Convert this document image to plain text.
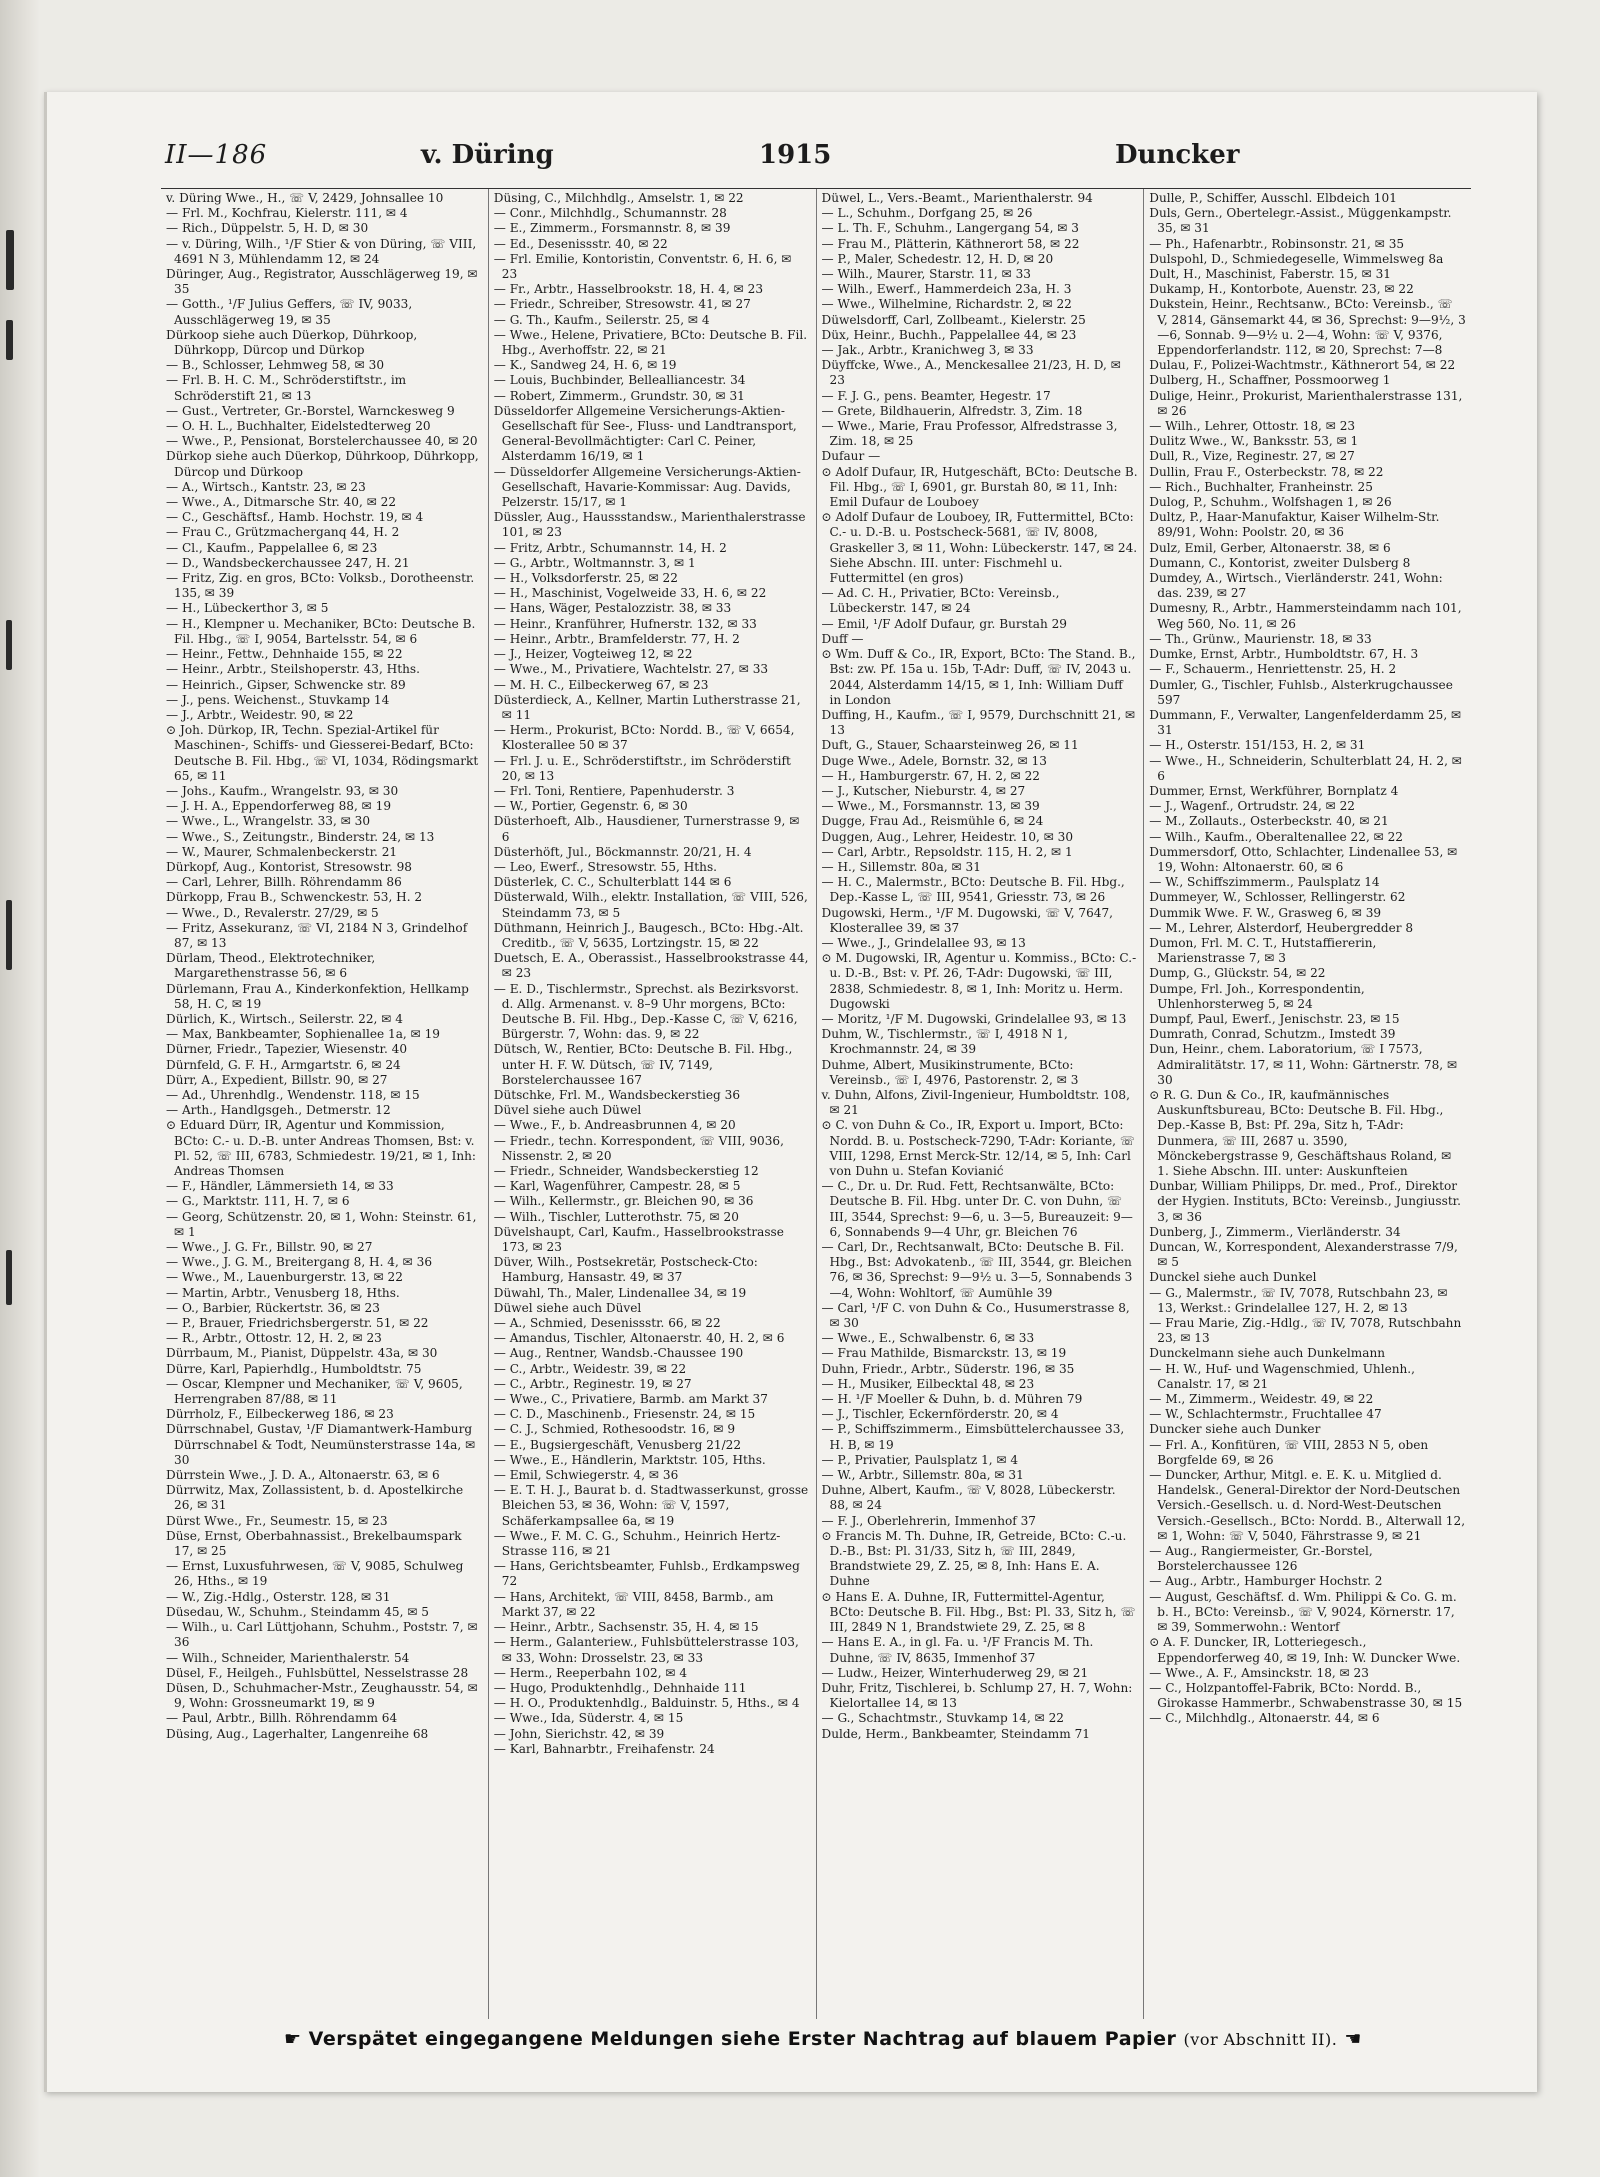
II—186	v. Düring	1915	Duncker
v. Düring Wwe., H., ☏ V, 2429, Johnsallee 10
— Frl. M., Kochfrau, Kielerstr. 111, ✉ 4
— Rich., Düppelstr. 5, H. D, ✉ 30
— v. Düring, Wilh., ¹/F Stier & von Düring, ☏ VIII, 4691 N 3, Mühlendamm 12, ✉ 24
Düringer, Aug., Registrator, Ausschlägerweg 19, ✉ 35
— Gotth., ¹/F Julius Geffers, ☏ IV, 9033, Ausschlägerweg 19, ✉ 35
Dürkoop siehe auch Düerkop, Dührkoop, Dührkopp, Dürcop und Dürkop
— B., Schlosser, Lehmweg 58, ✉ 30
— Frl. B. H. C. M., Schröderstiftstr., im Schröderstift 21, ✉ 13
— Gust., Vertreter, Gr.-Borstel, Warnckesweg 9
— O. H. L., Buchhalter, Eidelstedterweg 20
— Wwe., P., Pensionat, Borstelerchaussee 40, ✉ 20
Dürkop siehe auch Düerkop, Dührkoop, Dührkopp, Dürcop und Dürkoop
— A., Wirtsch., Kantstr. 23, ✉ 23
— Wwe., A., Ditmarsche Str. 40, ✉ 22
— C., Geschäftsf., Hamb. Hochstr. 19, ✉ 4
— Frau C., Grützmacherganq 44, H. 2
— Cl., Kaufm., Pappelallee 6, ✉ 23
— D., Wandsbeckerchaussee 247, H. 21
— Fritz, Zig. en gros, BCto: Volksb., Dorotheenstr. 135, ✉ 39
— H., Lübeckerthor 3, ✉ 5
— H., Klempner u. Mechaniker, BCto: Deutsche B. Fil. Hbg., ☏ I, 9054, Bartelsstr. 54, ✉ 6
— Heinr., Fettw., Dehnhaide 155, ✉ 22
— Heinr., Arbtr., Steilshoperstr. 43, Hths.
— Heinrich., Gipser, Schwencke str. 89
— J., pens. Weichenst., Stuvkamp 14
— J., Arbtr., Weidestr. 90, ✉ 22
⊙ Joh. Dürkop, IR, Techn. Spezial-Artikel für Maschinen-, Schiffs- und Giesserei-Bedarf, BCto: Deutsche B. Fil. Hbg., ☏ VI, 1034, Rödingsmarkt 65, ✉ 11
— Johs., Kaufm., Wrangelstr. 93, ✉ 30
— J. H. A., Eppendorferweg 88, ✉ 19
— Wwe., L., Wrangelstr. 33, ✉ 30
— Wwe., S., Zeitungstr., Binderstr. 24, ✉ 13
— W., Maurer, Schmalenbeckerstr. 21
Dürkopf, Aug., Kontorist, Stresowstr. 98
— Carl, Lehrer, Billh. Röhrendamm 86
Dürkopp, Frau B., Schwenckestr. 53, H. 2
— Wwe., D., Revalerstr. 27/29, ✉ 5
— Fritz, Assekuranz, ☏ VI, 2184 N 3, Grindelhof 87, ✉ 13
Dürlam, Theod., Elektrotechniker, Margarethenstrasse 56, ✉ 6
Dürlemann, Frau A., Kinderkonfektion, Hellkamp 58, H. C, ✉ 19
Dürlich, K., Wirtsch., Seilerstr. 22, ✉ 4
— Max, Bankbeamter, Sophienallee 1a, ✉ 19
Dürner, Friedr., Tapezier, Wiesenstr. 40
Dürnfeld, G. F. H., Armgartstr. 6, ✉ 24
Dürr, A., Expedient, Billstr. 90, ✉ 27
— Ad., Uhrenhdlg., Wendenstr. 118, ✉ 15
— Arth., Handlgsgeh., Detmerstr. 12
⊙ Eduard Dürr, IR, Agentur und Kommission, BCto: C.- u. D.-B. unter Andreas Thomsen, Bst: v. Pl. 52, ☏ III, 6783, Schmiedestr. 19/21, ✉ 1, Inh: Andreas Thomsen
— F., Händler, Lämmersieth 14, ✉ 33
— G., Marktstr. 111, H. 7, ✉ 6
— Georg, Schützenstr. 20, ✉ 1, Wohn: Steinstr. 61, ✉ 1
— Wwe., J. G. Fr., Billstr. 90, ✉ 27
— Wwe., J. G. M., Breitergang 8, H. 4, ✉ 36
— Wwe., M., Lauenburgerstr. 13, ✉ 22
— Martin, Arbtr., Venusberg 18, Hths.
— O., Barbier, Rückertstr. 36, ✉ 23
— P., Brauer, Friedrichsbergerstr. 51, ✉ 22
— R., Arbtr., Ottostr. 12, H. 2, ✉ 23
Dürrbaum, M., Pianist, Düppelstr. 43a, ✉ 30
Dürre, Karl, Papierhdlg., Humboldtstr. 75
— Oscar, Klempner und Mechaniker, ☏ V, 9605, Herrengraben 87/88, ✉ 11
Dürrholz, F., Eilbeckerweg 186, ✉ 23
Dürrschnabel, Gustav, ¹/F Diamantwerk-Hamburg Dürrschnabel & Todt, Neumünsterstrasse 14a, ✉ 30
Dürrstein Wwe., J. D. A., Altonaerstr. 63, ✉ 6
Dürrwitz, Max, Zollassistent, b. d. Apostelkirche 26, ✉ 31
Dürst Wwe., Fr., Seumestr. 15, ✉ 23
Düse, Ernst, Oberbahnassist., Brekelbaumspark 17, ✉ 25
— Ernst, Luxusfuhrwesen, ☏ V, 9085, Schulweg 26, Hths., ✉ 19
— W., Zig.-Hdlg., Osterstr. 128, ✉ 31
Düsedau, W., Schuhm., Steindamm 45, ✉ 5
— Wilh., u. Carl Lüttjohann, Schuhm., Poststr. 7, ✉ 36
— Wilh., Schneider, Marienthalerstr. 54
Düsel, F., Heilgeh., Fuhlsbüttel, Nesselstrasse 28
Düsen, D., Schuhmacher-Mstr., Zeughausstr. 54, ✉ 9, Wohn: Grossneumarkt 19, ✉ 9
— Paul, Arbtr., Billh. Röhrendamm 64
Düsing, Aug., Lagerhalter, Langenreihe 68
Düsing, C., Milchhdlg., Amselstr. 1, ✉ 22
— Conr., Milchhdlg., Schumannstr. 28
— E., Zimmerm., Forsmannstr. 8, ✉ 39
— Ed., Desenissstr. 40, ✉ 22
— Frl. Emilie, Kontoristin, Conventstr. 6, H. 6, ✉ 23
— Fr., Arbtr., Hasselbrookstr. 18, H. 4, ✉ 23
— Friedr., Schreiber, Stresowstr. 41, ✉ 27
— G. Th., Kaufm., Seilerstr. 25, ✉ 4
— Wwe., Helene, Privatiere, BCto: Deutsche B. Fil. Hbg., Averhoffstr. 22, ✉ 21
— K., Sandweg 24, H. 6, ✉ 19
— Louis, Buchbinder, Bellealliancestr. 34
— Robert, Zimmerm., Grundstr. 30, ✉ 31
Düsseldorfer Allgemeine Versicherungs-Aktien-Gesellschaft für See-, Fluss- und Landtransport, General-Bevollmächtigter: Carl C. Peiner, Alsterdamm 16/19, ✉ 1
— Düsseldorfer Allgemeine Versicherungs-Aktien-Gesellschaft, Havarie-Kommissar: Aug. Davids, Pelzerstr. 15/17, ✉ 1
Düssler, Aug., Haussstandsw., Marienthalerstrasse 101, ✉ 23
— Fritz, Arbtr., Schumannstr. 14, H. 2
— G., Arbtr., Woltmannstr. 3, ✉ 1
— H., Volksdorferstr. 25, ✉ 22
— H., Maschinist, Vogelweide 33, H. 6, ✉ 22
— Hans, Wäger, Pestalozzistr. 38, ✉ 33
— Heinr., Kranführer, Hufnerstr. 132, ✉ 33
— Heinr., Arbtr., Bramfelderstr. 77, H. 2
— J., Heizer, Vogteiweg 12, ✉ 22
— Wwe., M., Privatiere, Wachtelstr. 27, ✉ 33
— M. H. C., Eilbeckerweg 67, ✉ 23
Düsterdieck, A., Kellner, Martin Lutherstrasse 21, ✉ 11
— Herm., Prokurist, BCto: Nordd. B., ☏ V, 6654, Klosterallee 50 ✉ 37
— Frl. J. u. E., Schröderstiftstr., im Schröderstift 20, ✉ 13
— Frl. Toni, Rentiere, Papenhuderstr. 3
— W., Portier, Gegenstr. 6, ✉ 30
Düsterhoeft, Alb., Hausdiener, Turnerstrasse 9, ✉ 6
Düsterhöft, Jul., Böckmannstr. 20/21, H. 4
— Leo, Ewerf., Stresowstr. 55, Hths.
Düsterlek, C. C., Schulterblatt 144 ✉ 6
Düsterwald, Wilh., elektr. Installation, ☏ VIII, 526, Steindamm 73, ✉ 5
Düthmann, Heinrich J., Baugesch., BCto: Hbg.-Alt. Creditb., ☏ V, 5635, Lortzingstr. 15, ✉ 22
Duetsch, E. A., Oberassist., Hasselbrookstrasse 44, ✉ 23
— E. D., Tischlermstr., Sprechst. als Bezirksvorst. d. Allg. Armenanst. v. 8–9 Uhr morgens, BCto: Deutsche B. Fil. Hbg., Dep.-Kasse C, ☏ V, 6216, Bürgerstr. 7, Wohn: das. 9, ✉ 22
Dütsch, W., Rentier, BCto: Deutsche B. Fil. Hbg., unter H. F. W. Dütsch, ☏ IV, 7149, Borstelerchaussee 167
Dütschke, Frl. M., Wandsbeckerstieg 36
Düvel siehe auch Düwel
— Wwe., F., b. Andreasbrunnen 4, ✉ 20
— Friedr., techn. Korrespondent, ☏ VIII, 9036, Nissenstr. 2, ✉ 20
— Friedr., Schneider, Wandsbeckerstieg 12
— Karl, Wagenführer, Campestr. 28, ✉ 5
— Wilh., Kellermstr., gr. Bleichen 90, ✉ 36
— Wilh., Tischler, Lutterothstr. 75, ✉ 20
Düvelshaupt, Carl, Kaufm., Hasselbrookstrasse 173, ✉ 23
Düver, Wilh., Postsekretär, Postscheck-Cto: Hamburg, Hansastr. 49, ✉ 37
Düwahl, Th., Maler, Lindenallee 34, ✉ 19
Düwel siehe auch Düvel
— A., Schmied, Desenissstr. 66, ✉ 22
— Amandus, Tischler, Altonaerstr. 40, H. 2, ✉ 6
— Aug., Rentner, Wandsb.-Chaussee 190
— C., Arbtr., Weidestr. 39, ✉ 22
— C., Arbtr., Reginestr. 19, ✉ 27
— Wwe., C., Privatiere, Barmb. am Markt 37
— C. D., Maschinenb., Friesenstr. 24, ✉ 15
— C. J., Schmied, Rothesoodstr. 16, ✉ 9
— E., Bugsiergeschäft, Venusberg 21/22
— Wwe., E., Händlerin, Marktstr. 105, Hths.
— Emil, Schwiegerstr. 4, ✉ 36
— E. T. H. J., Baurat b. d. Stadtwasserkunst, grosse Bleichen 53, ✉ 36, Wohn: ☏ V, 1597, Schäferkampsallee 6a, ✉ 19
— Wwe., F. M. C. G., Schuhm., Heinrich Hertz-Strasse 116, ✉ 21
— Hans, Gerichtsbeamter, Fuhlsb., Erdkampsweg 72
— Hans, Architekt, ☏ VIII, 8458, Barmb., am Markt 37, ✉ 22
— Heinr., Arbtr., Sachsenstr. 35, H. 4, ✉ 15
— Herm., Galanteriew., Fuhlsbüttelerstrasse 103, ✉ 33, Wohn: Drosselstr. 23, ✉ 33
— Herm., Reeperbahn 102, ✉ 4
— Hugo, Produktenhdlg., Dehnhaide 111
— H. O., Produktenhdlg., Balduinstr. 5, Hths., ✉ 4
— Wwe., Ida, Süderstr. 4, ✉ 15
— John, Sierichstr. 42, ✉ 39
— Karl, Bahnarbtr., Freihafenstr. 24
Düwel, L., Vers.-Beamt., Marienthalerstr. 94
— L., Schuhm., Dorfgang 25, ✉ 26
— L. Th. F., Schuhm., Langergang 54, ✉ 3
— Frau M., Plätterin, Käthnerort 58, ✉ 22
— P., Maler, Schedestr. 12, H. D, ✉ 20
— Wilh., Maurer, Starstr. 11, ✉ 33
— Wilh., Ewerf., Hammerdeich 23a, H. 3
— Wwe., Wilhelmine, Richardstr. 2, ✉ 22
Düwelsdorff, Carl, Zollbeamt., Kielerstr. 25
Düx, Heinr., Buchh., Pappelallee 44, ✉ 23
— Jak., Arbtr., Kranichweg 3, ✉ 33
Düyffcke, Wwe., A., Menckesallee 21/23, H. D, ✉ 23
— F. J. G., pens. Beamter, Hegestr. 17
— Grete, Bildhauerin, Alfredstr. 3, Zim. 18
— Wwe., Marie, Frau Professor, Alfredstrasse 3, Zim. 18, ✉ 25
Dufaur —
⊙ Adolf Dufaur, IR, Hutgeschäft, BCto: Deutsche B. Fil. Hbg., ☏ I, 6901, gr. Burstah 80, ✉ 11, Inh: Emil Dufaur de Louboey
⊙ Adolf Dufaur de Louboey, IR, Futtermittel, BCto: C.- u. D.-B. u. Postscheck-5681, ☏ IV, 8008, Graskeller 3, ✉ 11, Wohn: Lübeckerstr. 147, ✉ 24. Siehe Abschn. III. unter: Fischmehl u. Futtermittel (en gros)
— Ad. C. H., Privatier, BCto: Vereinsb., Lübeckerstr. 147, ✉ 24
— Emil, ¹/F Adolf Dufaur, gr. Burstah 29
Duff —
⊙ Wm. Duff & Co., IR, Export, BCto: The Stand. B., Bst: zw. Pf. 15a u. 15b, T-Adr: Duff, ☏ IV, 2043 u. 2044, Alsterdamm 14/15, ✉ 1, Inh: William Duff in London
Duffing, H., Kaufm., ☏ I, 9579, Durchschnitt 21, ✉ 13
Duft, G., Stauer, Schaarsteinweg 26, ✉ 11
Duge Wwe., Adele, Bornstr. 32, ✉ 13
— H., Hamburgerstr. 67, H. 2, ✉ 22
— J., Kutscher, Nieburstr. 4, ✉ 27
— Wwe., M., Forsmannstr. 13, ✉ 39
Dugge, Frau Ad., Reismühle 6, ✉ 24
Duggen, Aug., Lehrer, Heidestr. 10, ✉ 30
— Carl, Arbtr., Repsoldstr. 115, H. 2, ✉ 1
— H., Sillemstr. 80a, ✉ 31
— H. C., Malermstr., BCto: Deutsche B. Fil. Hbg., Dep.-Kasse L, ☏ III, 9541, Griesstr. 73, ✉ 26
Dugowski, Herm., ¹/F M. Dugowski, ☏ V, 7647, Klosterallee 39, ✉ 37
— Wwe., J., Grindelallee 93, ✉ 13
⊙ M. Dugowski, IR, Agentur u. Kommiss., BCto: C.- u. D.-B., Bst: v. Pf. 26, T-Adr: Dugowski, ☏ III, 2838, Schmiedestr. 8, ✉ 1, Inh: Moritz u. Herm. Dugowski
— Moritz, ¹/F M. Dugowski, Grindelallee 93, ✉ 13
Duhm, W., Tischlermstr., ☏ I, 4918 N 1, Krochmannstr. 24, ✉ 39
Duhme, Albert, Musikinstrumente, BCto: Vereinsb., ☏ I, 4976, Pastorenstr. 2, ✉ 3
v. Duhn, Alfons, Zivil-Ingenieur, Humboldtstr. 108, ✉ 21
⊙ C. von Duhn & Co., IR, Export u. Import, BCto: Nordd. B. u. Postscheck-7290, T-Adr: Koriante, ☏ VIII, 1298, Ernst Merck-Str. 12/14, ✉ 5, Inh: Carl von Duhn u. Stefan Kovianić
— C., Dr. u. Dr. Rud. Fett, Rechtsanwälte, BCto: Deutsche B. Fil. Hbg. unter Dr. C. von Duhn, ☏ III, 3544, Sprechst: 9—6, u. 3—5, Bureauzeit: 9—6, Sonnabends 9—4 Uhr, gr. Bleichen 76
— Carl, Dr., Rechtsanwalt, BCto: Deutsche B. Fil. Hbg., Bst: Advokatenb., ☏ III, 3544, gr. Bleichen 76, ✉ 36, Sprechst: 9—9½ u. 3—5, Sonnabends 3—4, Wohn: Wohltorf, ☏ Aumühle 39
— Carl, ¹/F C. von Duhn & Co., Husumerstrasse 8, ✉ 30
— Wwe., E., Schwalbenstr. 6, ✉ 33
— Frau Mathilde, Bismarckstr. 13, ✉ 19
Duhn, Friedr., Arbtr., Süderstr. 196, ✉ 35
— H., Musiker, Eilbecktal 48, ✉ 23
— H. ¹/F Moeller & Duhn, b. d. Mühren 79
— J., Tischler, Eckernförderstr. 20, ✉ 4
— P., Schiffszimmerm., Eimsbüttelerchaussee 33, H. B, ✉ 19
— P., Privatier, Paulsplatz 1, ✉ 4
— W., Arbtr., Sillemstr. 80a, ✉ 31
Duhne, Albert, Kaufm., ☏ V, 8028, Lübeckerstr. 88, ✉ 24
— F. J., Oberlehrerin, Immenhof 37
⊙ Francis M. Th. Duhne, IR, Getreide, BCto: C.-u. D.-B., Bst: Pl. 31/33, Sitz h, ☏ III, 2849, Brandstwiete 29, Z. 25, ✉ 8, Inh: Hans E. A. Duhne
⊙ Hans E. A. Duhne, IR, Futtermittel-Agentur, BCto: Deutsche B. Fil. Hbg., Bst: Pl. 33, Sitz h, ☏ III, 2849 N 1, Brandstwiete 29, Z. 25, ✉ 8
— Hans E. A., in gl. Fa. u. ¹/F Francis M. Th. Duhne, ☏ IV, 8635, Immenhof 37
— Ludw., Heizer, Winterhuderweg 29, ✉ 21
Duhr, Fritz, Tischlerei, b. Schlump 27, H. 7, Wohn: Kielortallee 14, ✉ 13
— G., Schachtmstr., Stuvkamp 14, ✉ 22
Dulde, Herm., Bankbeamter, Steindamm 71
Dulle, P., Schiffer, Ausschl. Elbdeich 101
Duls, Gern., Obertelegr.-Assist., Müggenkampstr. 35, ✉ 31
— Ph., Hafenarbtr., Robinsonstr. 21, ✉ 35
Dulspohl, D., Schmiedegeselle, Wimmelsweg 8a
Dult, H., Maschinist, Faberstr. 15, ✉ 31
Dukamp, H., Kontorbote, Auenstr. 23, ✉ 22
Dukstein, Heinr., Rechtsanw., BCto: Vereinsb., ☏ V, 2814, Gänsemarkt 44, ✉ 36, Sprechst: 9—9½, 3—6, Sonnab. 9—9½ u. 2—4, Wohn: ☏ V, 9376, Eppendorferlandstr. 112, ✉ 20, Sprechst: 7—8
Dulau, F., Polizei-Wachtmstr., Käthnerort 54, ✉ 22
Dulberg, H., Schaffner, Possmoorweg 1
Dulige, Heinr., Prokurist, Marienthalerstrasse 131, ✉ 26
— Wilh., Lehrer, Ottostr. 18, ✉ 23
Dulitz Wwe., W., Banksstr. 53, ✉ 1
Dull, R., Vize, Reginestr. 27, ✉ 27
Dullin, Frau F., Osterbeckstr. 78, ✉ 22
— Rich., Buchhalter, Franheinstr. 25
Dulog, P., Schuhm., Wolfshagen 1, ✉ 26
Dultz, P., Haar-Manufaktur, Kaiser Wilhelm-Str. 89/91, Wohn: Poolstr. 20, ✉ 36
Dulz, Emil, Gerber, Altonaerstr. 38, ✉ 6
Dumann, C., Kontorist, zweiter Dulsberg 8
Dumdey, A., Wirtsch., Vierländerstr. 241, Wohn: das. 239, ✉ 27
Dumesny, R., Arbtr., Hammersteindamm nach 101, Weg 560, No. 11, ✉ 26
— Th., Grünw., Maurienstr. 18, ✉ 33
Dumke, Ernst, Arbtr., Humboldtstr. 67, H. 3
— F., Schauerm., Henriettenstr. 25, H. 2
Dumler, G., Tischler, Fuhlsb., Alsterkrugchaussee 597
Dummann, F., Verwalter, Langenfelderdamm 25, ✉ 31
— H., Osterstr. 151/153, H. 2, ✉ 31
— Wwe., H., Schneiderin, Schulterblatt 24, H. 2, ✉ 6
Dummer, Ernst, Werkführer, Bornplatz 4
— J., Wagenf., Ortrudstr. 24, ✉ 22
— M., Zollauts., Osterbeckstr. 40, ✉ 21
— Wilh., Kaufm., Oberaltenallee 22, ✉ 22
Dummersdorf, Otto, Schlachter, Lindenallee 53, ✉ 19, Wohn: Altonaerstr. 60, ✉ 6
— W., Schiffszimmerm., Paulsplatz 14
Dummeyer, W., Schlosser, Rellingerstr. 62
Dummik Wwe. F. W., Grasweg 6, ✉ 39
— M., Lehrer, Alsterdorf, Heubergredder 8
Dumon, Frl. M. C. T., Hutstaffiererin, Marienstrasse 7, ✉ 3
Dump, G., Glückstr. 54, ✉ 22
Dumpe, Frl. Joh., Korrespondentin, Uhlenhorsterweg 5, ✉ 24
Dumpf, Paul, Ewerf., Jenischstr. 23, ✉ 15
Dumrath, Conrad, Schutzm., Imstedt 39
Dun, Heinr., chem. Laboratorium, ☏ I 7573, Admiralitätstr. 17, ✉ 11, Wohn: Gärtnerstr. 78, ✉ 30
⊙ R. G. Dun & Co., IR, kaufmännisches Auskunftsbureau, BCto: Deutsche B. Fil. Hbg., Dep.-Kasse B, Bst: Pf. 29a, Sitz h, T-Adr: Dunmera, ☏ III, 2687 u. 3590, Mönckebergstrasse 9, Geschäftshaus Roland, ✉ 1. Siehe Abschn. III. unter: Auskunfteien
Dunbar, William Philipps, Dr. med., Prof., Direktor der Hygien. Instituts, BCto: Vereinsb., Jungiusstr. 3, ✉ 36
Dunberg, J., Zimmerm., Vierländerstr. 34
Duncan, W., Korrespondent, Alexanderstrasse 7/9, ✉ 5
Dunckel siehe auch Dunkel
— G., Malermstr., ☏ IV, 7078, Rutschbahn 23, ✉ 13, Werkst.: Grindelallee 127, H. 2, ✉ 13
— Frau Marie, Zig.-Hdlg., ☏ IV, 7078, Rutschbahn 23, ✉ 13
Dunckelmann siehe auch Dunkelmann
— H. W., Huf- und Wagenschmied, Uhlenh., Canalstr. 17, ✉ 21
— M., Zimmerm., Weidestr. 49, ✉ 22
— W., Schlachtermstr., Fruchtallee 47
Duncker siehe auch Dunker
— Frl. A., Konfitüren, ☏ VIII, 2853 N 5, oben Borgfelde 69, ✉ 26
— Duncker, Arthur, Mitgl. e. E. K. u. Mitglied d. Handelsk., General-Direktor der Nord-Deutschen Versich.-Gesellsch. u. d. Nord-West-Deutschen Versich.-Gesellsch., BCto: Nordd. B., Alterwall 12, ✉ 1, Wohn: ☏ V, 5040, Fährstrasse 9, ✉ 21
— Aug., Rangiermeister, Gr.-Borstel, Borstelerchaussee 126
— Aug., Arbtr., Hamburger Hochstr. 2
— August, Geschäftsf. d. Wm. Philippi & Co. G. m. b. H., BCto: Vereinsb., ☏ V, 9024, Körnerstr. 17, ✉ 39, Sommerwohn.: Wentorf
⊙ A. F. Duncker, IR, Lotteriegesch., Eppendorferweg 40, ✉ 19, Inh: W. Duncker Wwe.
— Wwe., A. F., Amsinckstr. 18, ✉ 23
— C., Holzpantoffel-Fabrik, BCto: Nordd. B., Girokasse Hammerbr., Schwabenstrasse 30, ✉ 15
— C., Milchhdlg., Altonaerstr. 44, ✉ 6
☛ Verspätet eingegangene Meldungen siehe Erster Nachtrag auf blauem Papier (vor Abschnitt II). ☚
